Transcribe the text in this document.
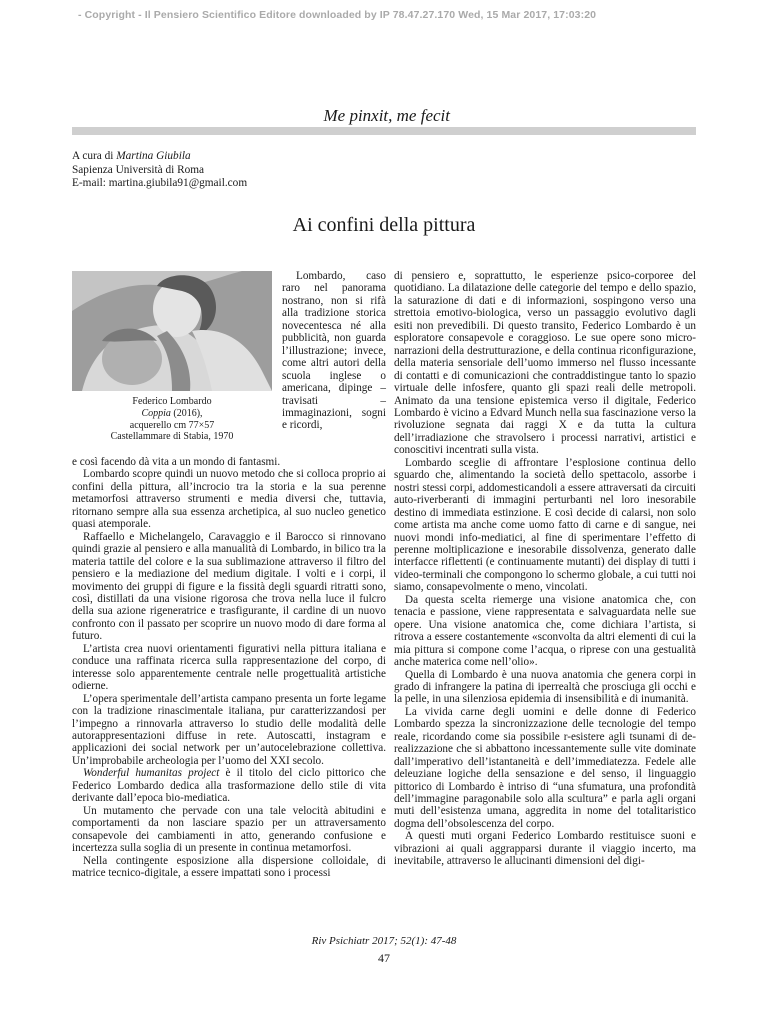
- Copyright - Il Pensiero Scientifico Editore downloaded by IP 78.47.27.170 Wed, 15 Mar 2017, 17:03:20
Me pinxit, me fecit
A cura di Martina Giubila
Sapienza Università di Roma
E-mail: martina.giubila91@gmail.com
Ai confini della pittura
Federico Lombardo
Coppia (2016),
acquerello cm 77×57
Castellammare di Stabia, 1970

Lombardo, caso raro nel panorama nostrano, non si rifà alla tradizione storica novecentesca né alla pubblicità, non guarda l’illustrazione; invece, come altri autori della scuola inglese o americana, dipinge – travisati – immaginazioni, sogni e ricordi,

e così facendo dà vita a un mondo di fantasmi.

Lombardo scopre quindi un nuovo metodo che si colloca proprio ai confini della pittura, all’incrocio tra la storia e la sua perenne metamorfosi attraverso strumenti e media diversi che, tuttavia, ritornano sempre alla sua essenza archetipica, al suo nucleo genetico quasi atemporale.

Raffaello e Michelangelo, Caravaggio e il Barocco si rinnovano quindi grazie al pensiero e alla manualità di Lombardo, in bilico tra la materia tattile del colore e la sua sublimazione attraverso il filtro del pensiero e la mediazione del medium digitale. I volti e i corpi, il movimento dei gruppi di figure e la fissità degli sguardi ritratti sono, così, distillati da una visione rigorosa che trova nella luce il fulcro della sua azione rigeneratrice e trasfigurante, il cardine di un nuovo confronto con il passato per scoprire un nuovo modo di dare forma al futuro.

L’artista crea nuovi orientamenti figurativi nella pittura italiana e conduce una raffinata ricerca sulla rappresentazione del corpo, di interesse solo apparentemente centrale nelle progettualità artistiche odierne.

L’opera sperimentale dell’artista campano presenta un forte legame con la tradizione rinascimentale italiana, pur caratterizzandosi per l’impegno a rinnovarla attraverso lo studio delle modalità delle autorappresentazioni diffuse in rete. Autoscatti, instagram e applicazioni dei social network per un’autocelebrazione collettiva. Un’improbabile archeologia per l’uomo del XXI secolo.

Wonderful humanitas project è il titolo del ciclo pittorico che Federico Lombardo dedica alla trasformazione dello stile di vita derivante dall’epoca bio-mediatica.

Un mutamento che pervade con una tale velocità abitudini e comportamenti da non lasciare spazio per un attraversamento consapevole dei cambiamenti in atto, generando confusione e incertezza sulla soglia di un presente in continua metamorfosi.

Nella contingente esposizione alla dispersione colloidale, di matrice tecnico-digitale, a essere impattati sono i processi

di pensiero e, soprattutto, le esperienze psico-corporee del quotidiano. La dilatazione delle categorie del tempo e dello spazio, la saturazione di dati e di informazioni, sospingono verso una strettoia emotivo-biologica, verso un passaggio evolutivo dagli esiti non prevedibili. Di questo transito, Federico Lombardo è un esploratore consapevole e coraggioso. Le sue opere sono micro-narrazioni della destrutturazione, e della continua riconfigurazione, della materia sensoriale dell’uomo immerso nel flusso incessante di contatti e di comunicazioni che contraddistingue tanto lo spazio virtuale delle infosfere, quanto gli spazi reali delle metropoli. Animato da una tensione epistemica verso il digitale, Federico Lombardo è vicino a Edvard Munch nella sua fascinazione verso la rivoluzione segnata dai raggi X e da tutta la cultura dell’irradiazione che stravolsero i processi narrativi, artistici e conoscitivi incentrati sulla vista.

Lombardo sceglie di affrontare l’esplosione continua dello sguardo che, alimentando la società dello spettacolo, assorbe i nostri stessi corpi, addomesticandoli a essere attraversati da circuiti auto-riverberanti di immagini perturbanti nel loro inesorabile destino di immediata estinzione. E così decide di calarsi, non solo come artista ma anche come uomo fatto di carne e di sangue, nei nuovi mondi info-mediatici, al fine di sperimentare l’effetto di perenne moltiplicazione e inesorabile dissolvenza, generato dalle interfacce riflettenti (e continuamente mutanti) dei display di tutti i video-terminali che compongono lo schermo globale, a cui tutti noi siamo, consapevolmente o meno, vincolati.

Da questa scelta riemerge una visione anatomica che, con tenacia e passione, viene rappresentata e salvaguardata nelle sue opere. Una visione anatomica che, come dichiara l’artista, si ritrova a essere costantemente «sconvolta da altri elementi di cui la mia pittura si compone come l’acqua, o riprese con una gestualità anche materica come nell’olio».

Quella di Lombardo è una nuova anatomia che genera corpi in grado di infrangere la patina di iperrealtà che prosciuga gli occhi e la pelle, in una silenziosa epidemia di insensibilità e di inumanità.

La vivida carne degli uomini e delle donne di Federico Lombardo spezza la sincronizzazione delle tecnologie del tempo reale, ricordando come sia possibile r-esistere agli tsunami di de-realizzazione che si abbattono incessantemente sulle vite dominate dall’imperativo dell’istantaneità e dell’immediatezza. Fedele alle deleuziane logiche della sensazione e del senso, il linguaggio pittorico di Lombardo è intriso di “una sfumatura, una profondità dell’immagine paragonabile solo alla scultura” e parla agli organi muti dell’esistenza umana, aggredita in nome del totalitaristico dogma dell’obsolescenza del corpo.

A questi muti organi Federico Lombardo restituisce suoni e vibrazioni ai quali aggrapparsi durante il viaggio incerto, ma inevitabile, attraverso le allucinanti dimensioni del digi-

Riv Psichiatr 2017; 52(1): 47-48
47
